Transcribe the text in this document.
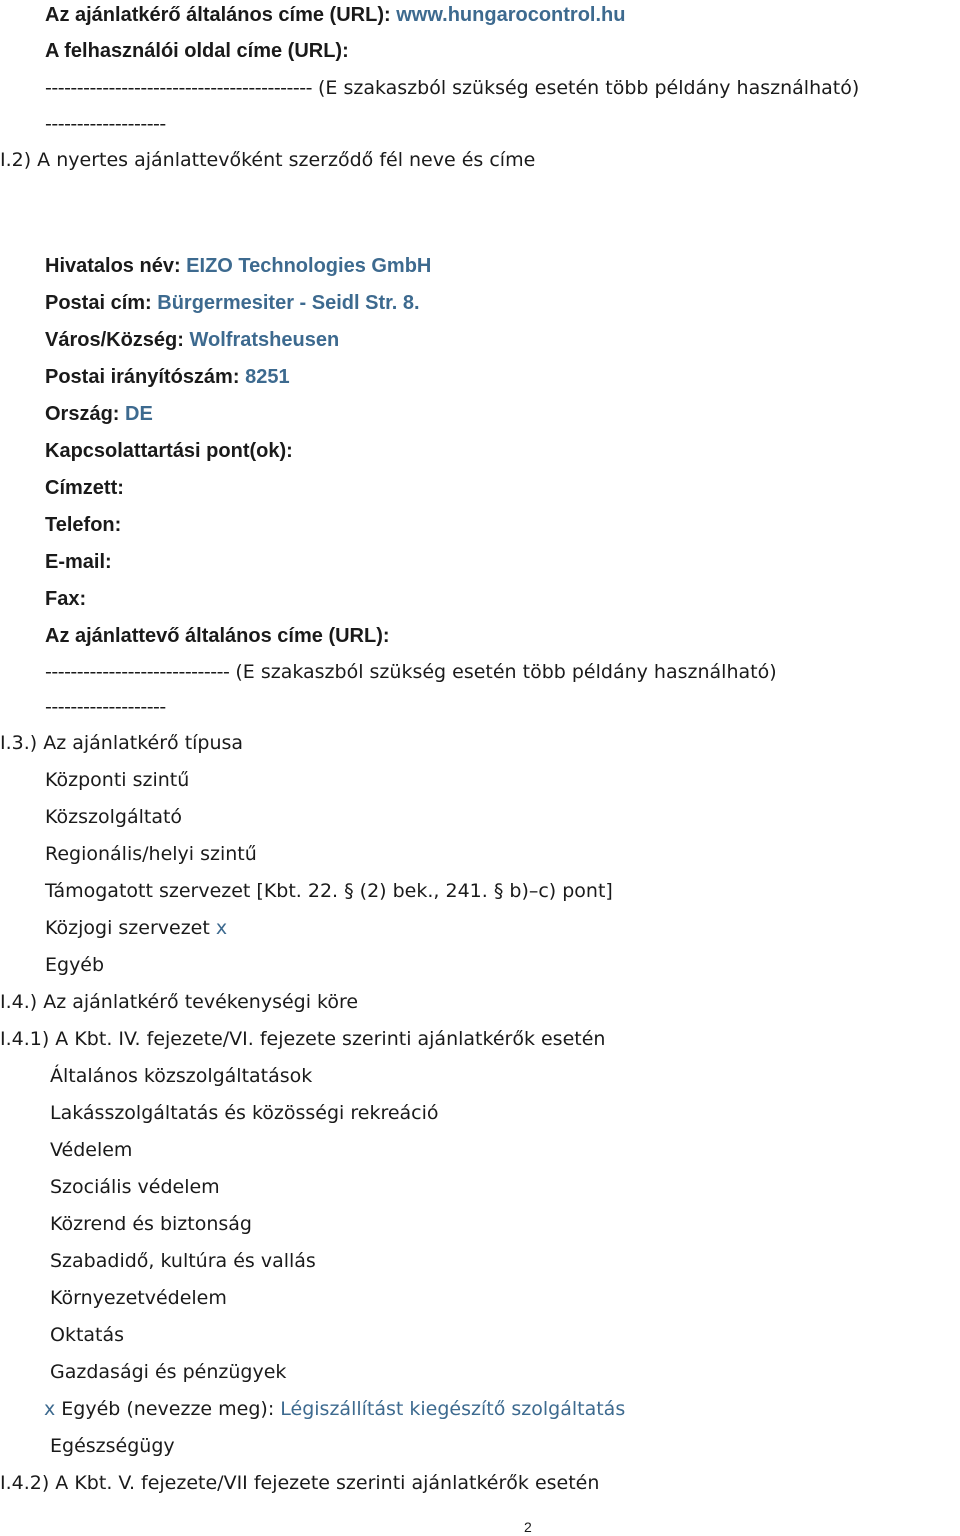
Az ajánlatkérő általános címe (URL): www.hungarocontrol.hu
A felhasználói oldal címe (URL):
------------------------------------------ (E szakaszból szükség esetén több példány használható)
-------------------
I.2) A nyertes ajánlattevőként szerződő fél neve és címe
Hivatalos név: EIZO Technologies GmbH
Postai cím: Bürgermesiter - Seidl Str. 8.
Város/Község: Wolfratsheusen
Postai irányítószám: 8251
Ország: DE
Kapcsolattartási pont(ok):
Címzett:
Telefon:
E-mail:
Fax:
Az ajánlattevő általános címe (URL):
----------------------------- (E szakaszból szükség esetén több példány használható)
-------------------
I.3.) Az ajánlatkérő típusa
Központi szintű
Közszolgáltató
Regionális/helyi szintű
Támogatott szervezet [Kbt. 22. § (2) bek., 241. § b)–c) pont]
Közjogi szervezet x
Egyéb
I.4.) Az ajánlatkérő tevékenységi köre
I.4.1) A Kbt. IV. fejezete/VI. fejezete szerinti ajánlatkérők esetén
Általános közszolgáltatások
Lakásszolgáltatás és közösségi rekreáció
Védelem
Szociális védelem
Közrend és biztonság
Szabadidő, kultúra és vallás
Környezetvédelem
Oktatás
Gazdasági és pénzügyek
x Egyéb (nevezze meg): Légiszállítást kiegészítő szolgáltatás
Egészségügy
I.4.2) A Kbt. V. fejezete/VII fejezete szerinti ajánlatkérők esetén
2
